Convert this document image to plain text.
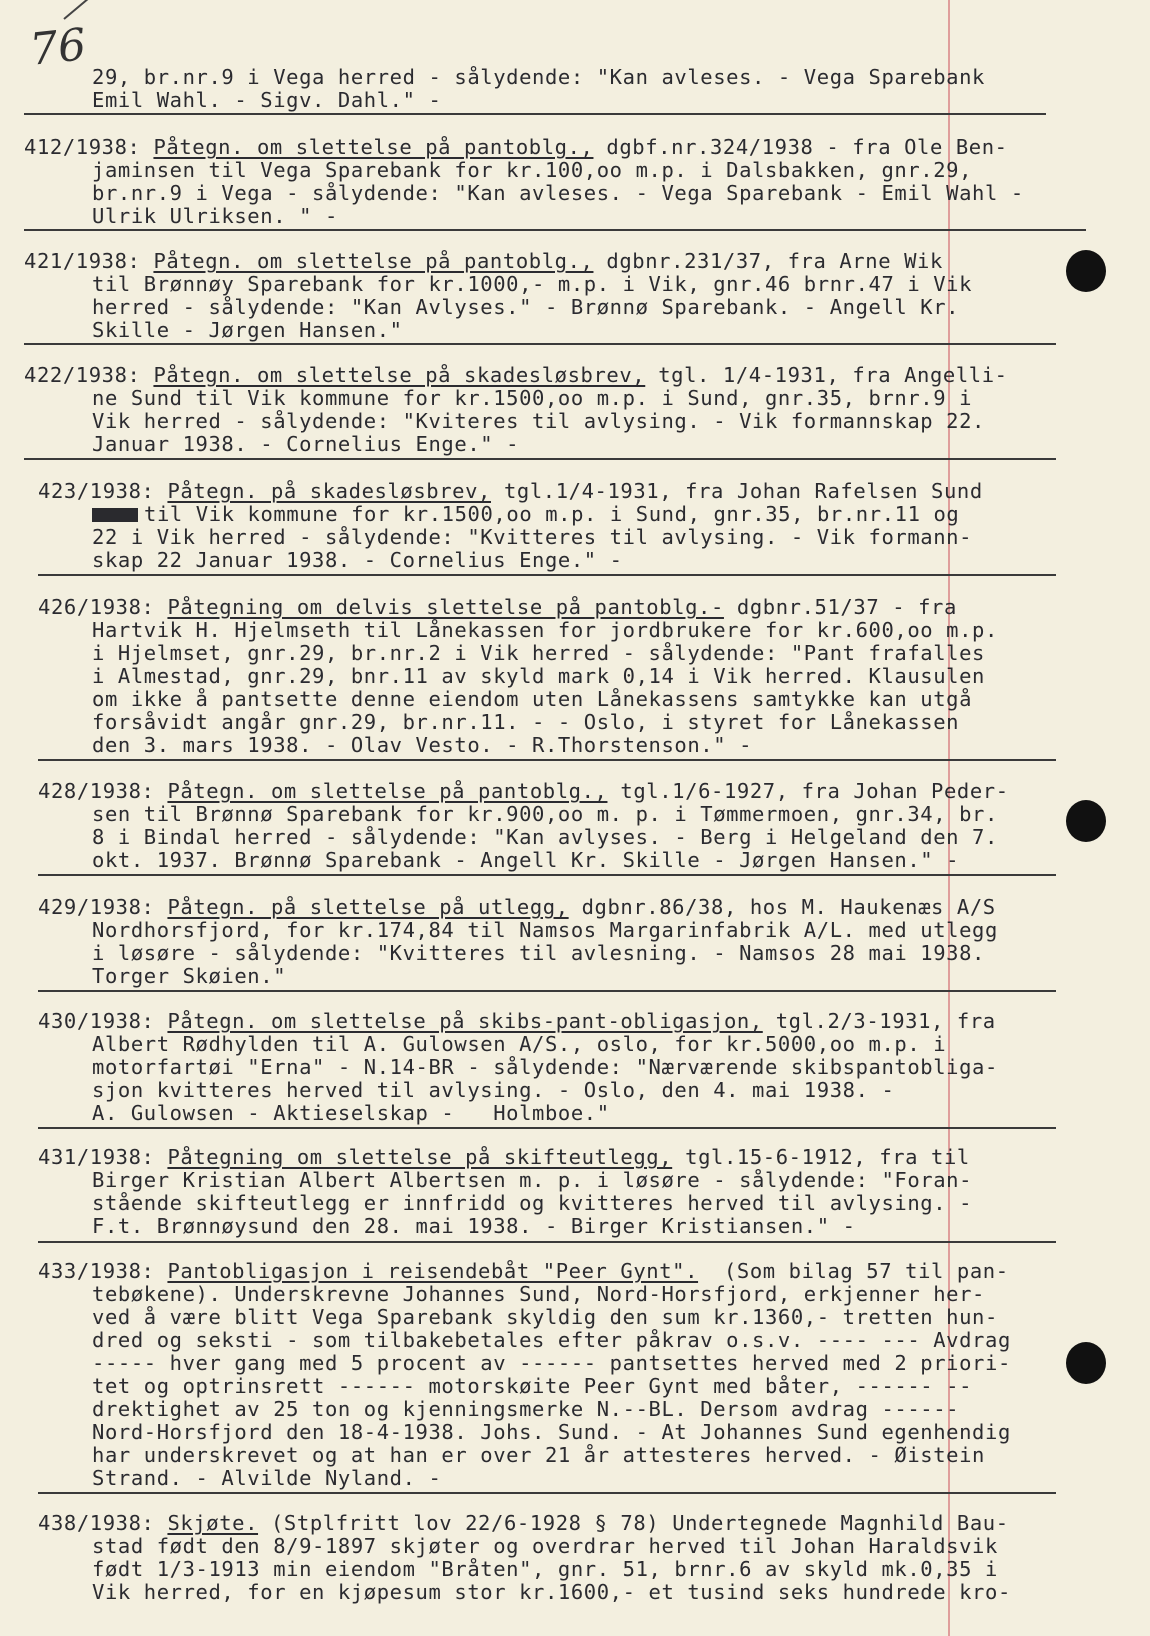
76
29, br.nr.9 i Vega herred - sålydende: "Kan avleses. - Vega Sparebank
Emil Wahl. - Sigv. Dahl." -
412/1938: Påtegn. om slettelse på pantoblg., dgbf.nr.324/1938 - fra Ole Ben-
jaminsen til Vega Sparebank for kr.100,oo m.p. i Dalsbakken, gnr.29,
br.nr.9 i Vega - sålydende: "Kan avleses. - Vega Sparebank - Emil Wahl -
Ulrik Ulriksen. " -
421/1938: Påtegn. om slettelse på pantoblg., dgbnr.231/37, fra Arne Wik
til Brønnøy Sparebank for kr.1000,- m.p. i Vik, gnr.46 brnr.47 i Vik
herred - sålydende: "Kan Avlyses." - Brønnø Sparebank. - Angell Kr.
Skille - Jørgen Hansen."
422/1938: Påtegn. om slettelse på skadesløsbrev, tgl. 1/4-1931, fra Angelli-
ne Sund til Vik kommune for kr.1500,oo m.p. i Sund, gnr.35, brnr.9 i
Vik herred - sålydende: "Kviteres til avlysing. - Vik formannskap 22.
Januar 1938. - Cornelius Enge." -
423/1938: Påtegn. på skadesløsbrev, tgl.1/4-1931, fra Johan Rafelsen Sund
til Vik kommune for kr.1500,oo m.p. i Sund, gnr.35, br.nr.11 og
22 i Vik herred - sålydende: "Kvitteres til avlysing. - Vik formann-
skap 22 Januar 1938. - Cornelius Enge." -
426/1938: Påtegning om delvis slettelse på pantoblg.- dgbnr.51/37 - fra
Hartvik H. Hjelmseth til Lånekassen for jordbrukere for kr.600,oo m.p.
i Hjelmset, gnr.29, br.nr.2 i Vik herred - sålydende: "Pant frafalles
i Almestad, gnr.29, bnr.11 av skyld mark 0,14 i Vik herred. Klausulen
om ikke å pantsette denne eiendom uten Lånekassens samtykke kan utgå
forsåvidt angår gnr.29, br.nr.11. - - Oslo, i styret for Lånekassen
den 3. mars 1938. - Olav Vesto. - R.Thorstenson." -
428/1938: Påtegn. om slettelse på pantoblg., tgl.1/6-1927, fra Johan Peder-
sen til Brønnø Sparebank for kr.900,oo m. p. i Tømmermoen, gnr.34, br.
8 i Bindal herred - sålydende: "Kan avlyses. - Berg i Helgeland den 7.
okt. 1937. Brønnø Sparebank - Angell Kr. Skille - Jørgen Hansen." -
429/1938: Påtegn. på slettelse på utlegg, dgbnr.86/38, hos M. Haukenæs A/S
Nordhorsfjord, for kr.174,84 til Namsos Margarinfabrik A/L. med utlegg
i løsøre - sålydende: "Kvitteres til avlesning. - Namsos 28 mai 1938.
Torger Skøien."
430/1938: Påtegn. om slettelse på skibs-pant-obligasjon, tgl.2/3-1931, fra
Albert Rødhylden til A. Gulowsen A/S., oslo, for kr.5000,oo m.p. i
motorfartøi "Erna" - N.14-BR - sålydende: "Nærværende skibspantobliga-
sjon kvitteres herved til avlysing. - Oslo, den 4. mai 1938. -
A. Gulowsen - Aktieselskap -   Holmboe."
431/1938: Påtegning om slettelse på skifteutlegg, tgl.15-6-1912, fra til
Birger Kristian Albert Albertsen m. p. i løsøre - sålydende: "Foran-
stående skifteutlegg er innfridd og kvitteres herved til avlysing. -
F.t. Brønnøysund den 28. mai 1938. - Birger Kristiansen." -
433/1938: Pantobligasjon i reisendebåt "Peer Gynt".  (Som bilag 57 til pan-
tebøkene). Underskrevne Johannes Sund, Nord-Horsfjord, erkjenner her-
ved å være blitt Vega Sparebank skyldig den sum kr.1360,- tretten hun-
dred og seksti - som tilbakebetales efter påkrav o.s.v. ---- --- Avdrag
----- hver gang med 5 procent av ------ pantsettes herved med 2 priori-
tet og optrinsrett ------ motorskøite Peer Gynt med båter, ------ --
drektighet av 25 ton og kjenningsmerke N.--BL. Dersom avdrag ------
Nord-Horsfjord den 18-4-1938. Johs. Sund. - At Johannes Sund egenhendig
har underskrevet og at han er over 21 år attesteres herved. - Øistein
Strand. - Alvilde Nyland. -
438/1938: Skjøte. (Stplfritt lov 22/6-1928 § 78) Undertegnede Magnhild Bau-
stad født den 8/9-1897 skjøter og overdrar herved til Johan Haraldsvik
født 1/3-1913 min eiendom "Bråten", gnr. 51, brnr.6 av skyld mk.0,35 i
Vik herred, for en kjøpesum stor kr.1600,- et tusind seks hundrede kro-
